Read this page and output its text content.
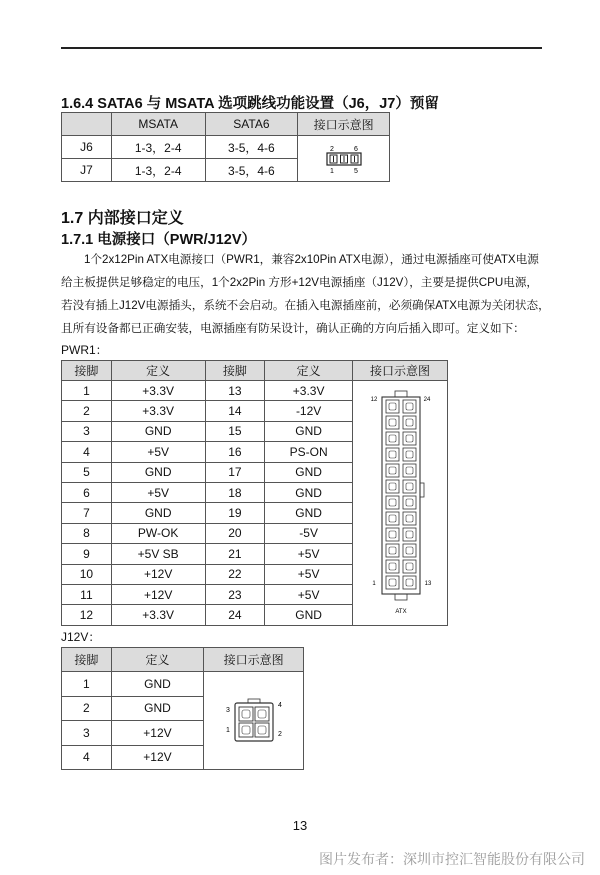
1.6.4 SATA6 与 MSATA 选项跳线功能设置（J6，J7）预留
	MSATA	SATA6	接口示意图
J6	1-3，2-4	3-5，4-6	2 6
1 5

J7	1-3，2-4	3-5，4-6	
1.7 内部接口定义
1.7.1 电源接口（PWR/J12V）
1个2x12Pin ATX电源接口（PWR1，兼容2x10Pin ATX电源），通过电源插座可使ATX电源
给主板提供足够稳定的电压，1个2x2Pin 方形+12V电源插座（J12V），主要是提供CPU电源，
若没有插上J12V电源插头，系统不会启动。在插入电源插座前，必须确保ATX电源为关闭状态，
且所有设备都已正确安装，电源插座有防呆设计，确认正确的方向后插入即可。定义如下：
PWR1：
接脚	定义	接脚	定义	接口示意图
1	+3.3V	13	+3.3V	12 24
1 13
ATX

2	+3.3V	14	-12V	
3	GND	15	GND	
4	+5V	16	PS-ON	
5	GND	17	GND	
6	+5V	18	GND	
7	GND	19	GND	
8	PW-OK	20	-5V	
9	+5V SB	21	+5V	
10	+12V	22	+5V	
11	+12V	23	+5V	
12	+3.3V	24	GND	
J12V：
接脚	定义	接口示意图
1	GND	3
4
1
2

2	GND	
3	+12V	
4	+12V	
13
图片发布者：深圳市控汇智能股份有限公司
